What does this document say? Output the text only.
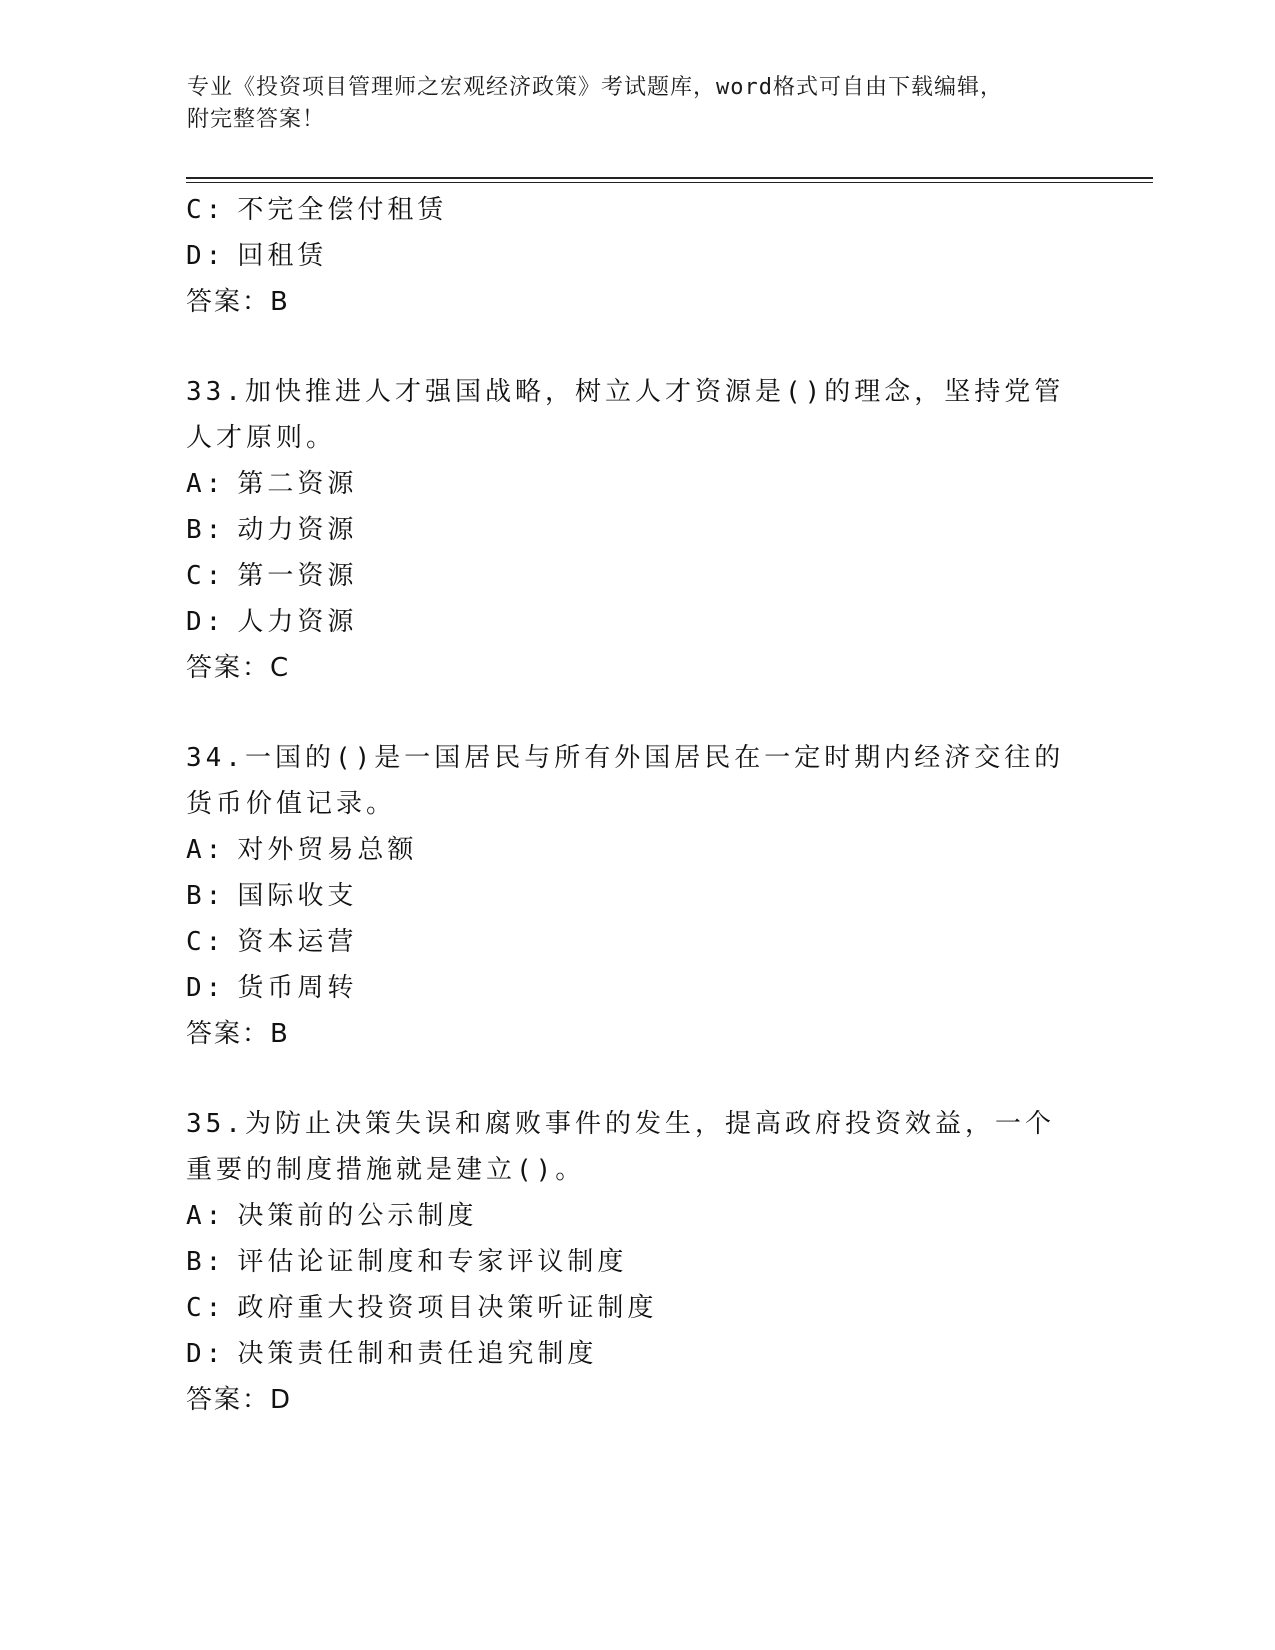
专业《投资项目管理师之宏观经济政策》考试题库，word格式可自由下载编辑，
附完整答案！
C: 不完全偿付租赁
D: 回租赁
答案：B
33.加快推进人才强国战略，树立人才资源是()的理念，坚持党管人才原则。
A: 第二资源
B: 动力资源
C: 第一资源
D: 人力资源
答案：C
34.一国的()是一国居民与所有外国居民在一定时期内经济交往的货币价值记录。
A: 对外贸易总额
B: 国际收支
C: 资本运营
D: 货币周转
答案：B
35.为防止决策失误和腐败事件的发生，提高政府投资效益，一个重要的制度措施就是建立()。
A: 决策前的公示制度
B: 评估论证制度和专家评议制度
C: 政府重大投资项目决策听证制度
D: 决策责任制和责任追究制度
答案：D
